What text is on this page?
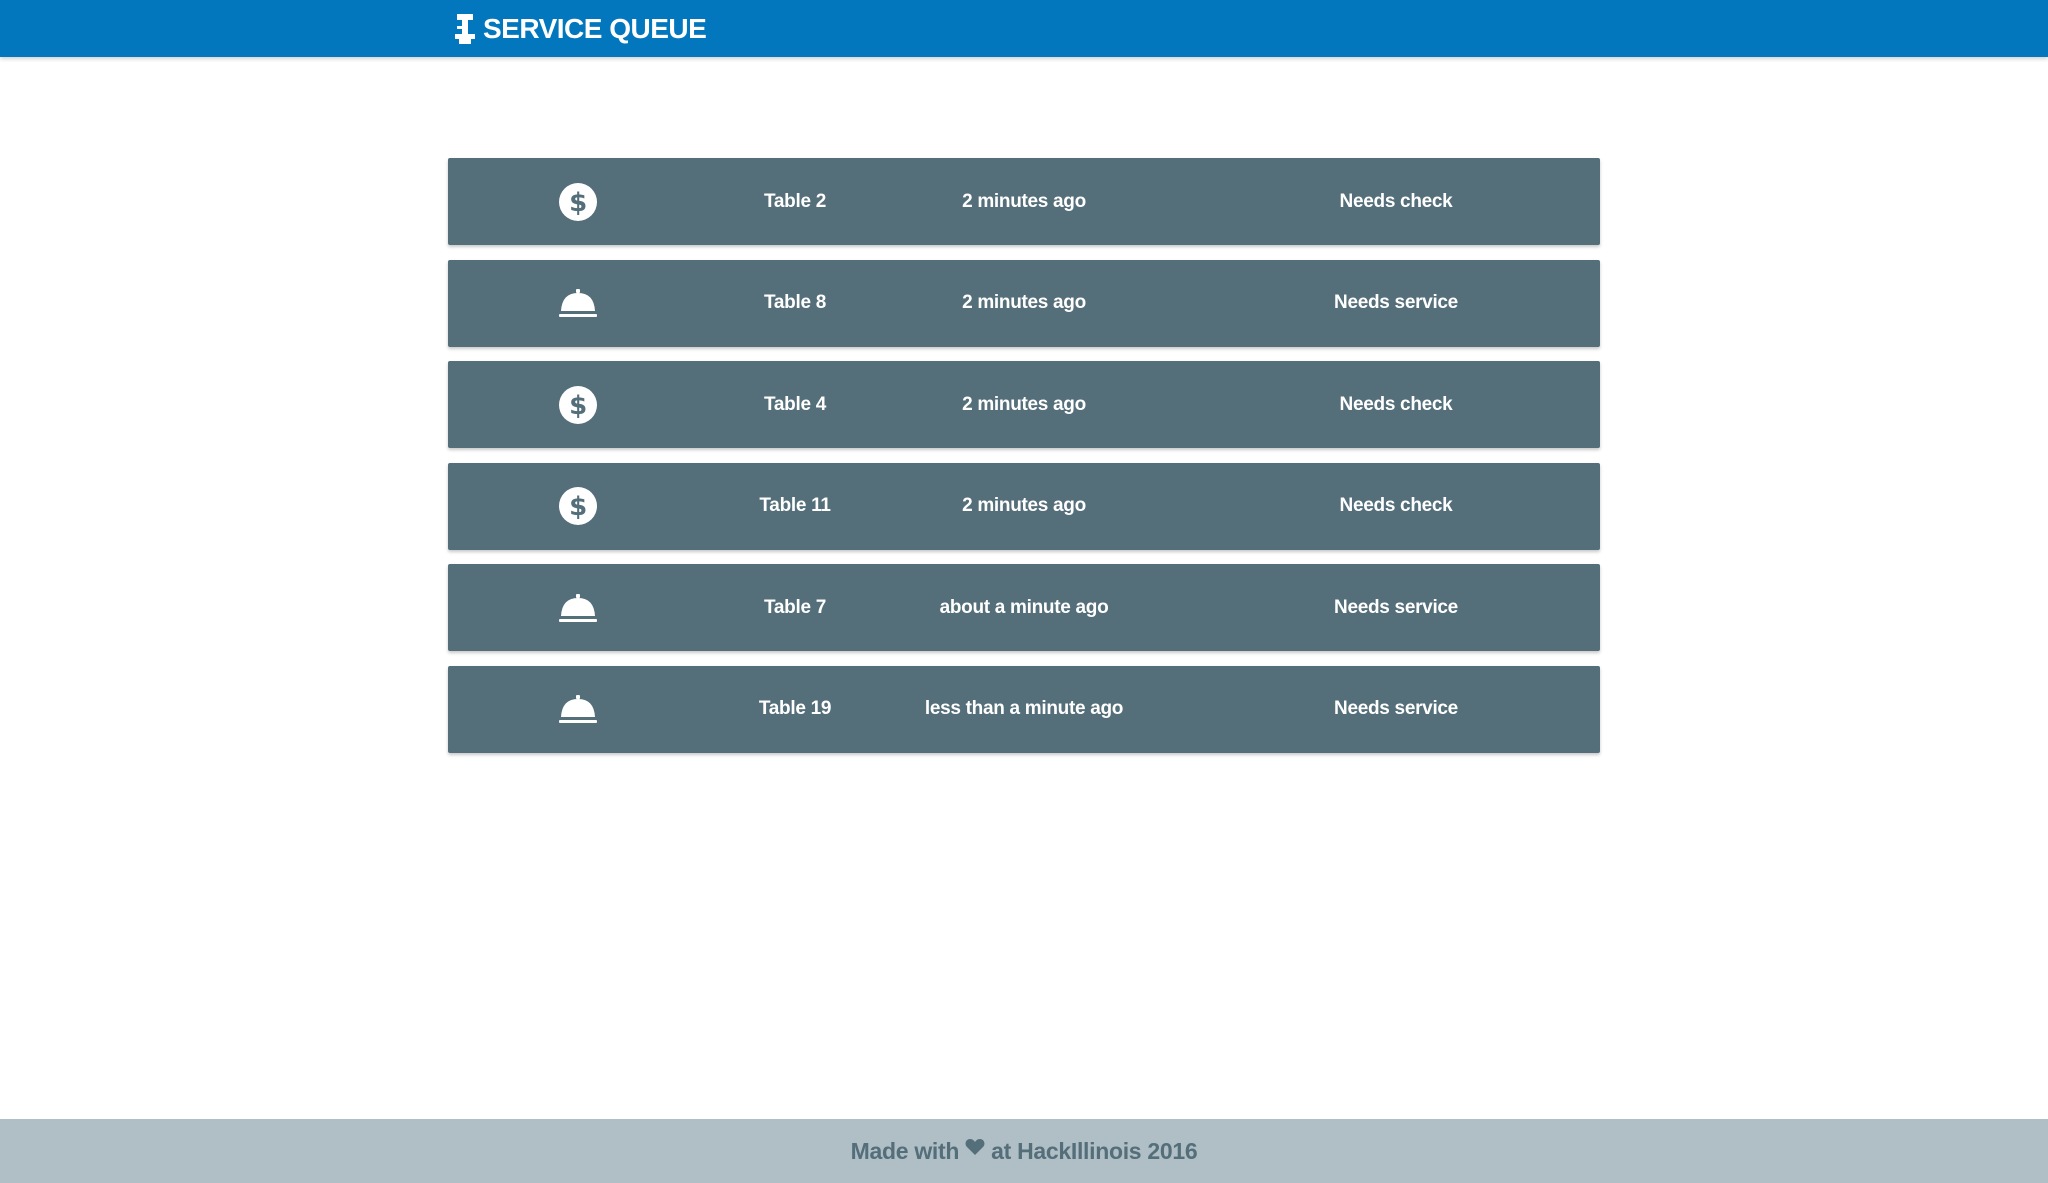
SERVICE QUEUE
$	Table 2	2 minutes ago	Needs check
Table 8	2 minutes ago	Needs service
$	Table 4	2 minutes ago	Needs check
$	Table 11	2 minutes ago	Needs check
Table 7	about a minute ago	Needs service
Table 19	less than a minute ago	Needs service
Made with at HackIllinois 2016
